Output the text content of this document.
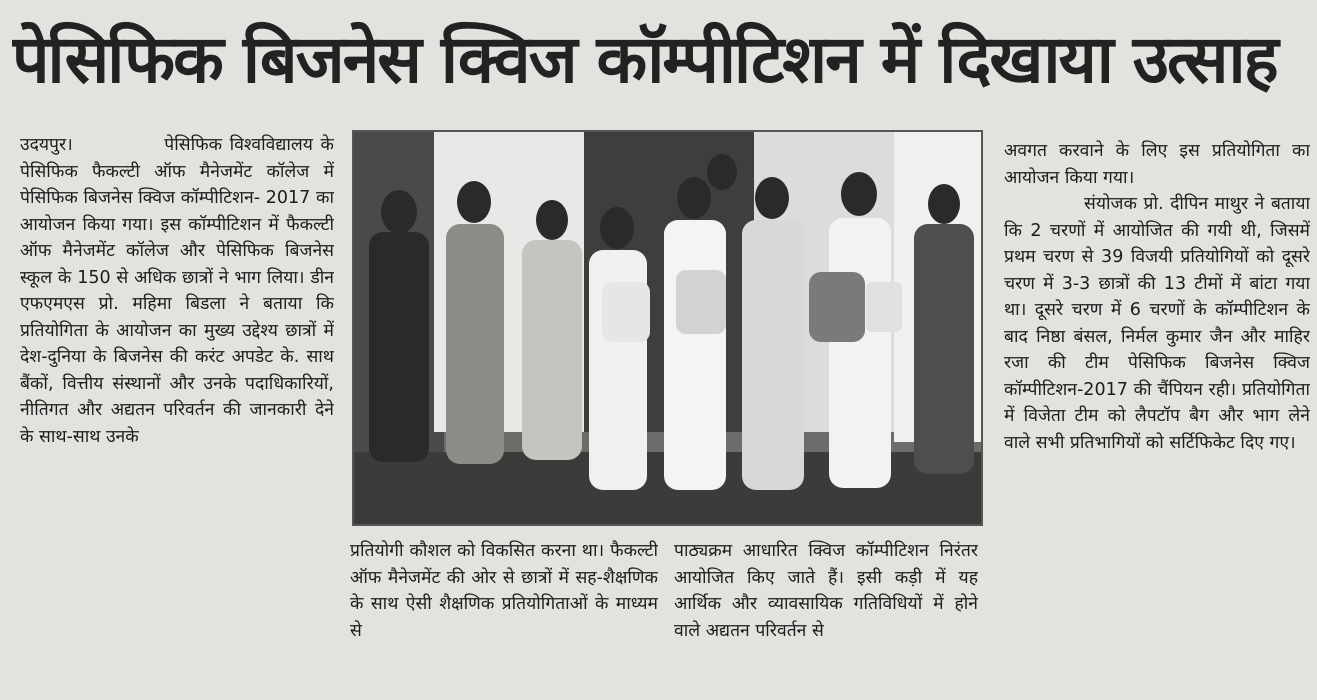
पेसिफिक बिजनेस क्विज कॉम्पीटिशन में दिखाया उत्साह

उदयपुर।	पेसिफिक विश्वविद्यालय के पेसिफिक फैकल्टी ऑफ मैनेजमेंट कॉलेज में पेसिफिक बिजनेस क्विज कॉम्पीटिशन- 2017 का आयोजन किया गया। इस कॉम्पीटिशन में फैकल्टी ऑफ मैनेजमेंट कॉलेज और पेसिफिक बिजनेस स्कूल के 150 से अधिक छात्रों ने भाग लिया। डीन एफएमएस प्रो. महिमा बिडला ने बताया कि प्रतियोगिता के आयोजन का मुख्य उद्देश्य छात्रों में देश-दुनिया के बिजनेस की करंट अपडेट के. साथ बैंकों, वित्तीय संस्थानों और उनके पदाधिकारियों, नीतिगत और अद्यतन परिवर्तन की जानकारी देने के साथ-साथ उनके

प्रतियोगी कौशल को विकसित करना था। फैकल्टी ऑफ मैनेजमेंट की ओर से छात्रों में सह-शैक्षणिक के साथ ऐसी शैक्षणिक प्रतियोगिताओं के माध्यम से

पाठ्यक्रम आधारित क्विज कॉम्पीटिशन निरंतर आयोजित किए जाते हैं। इसी कड़ी में यह आर्थिक और व्यावसायिक गतिविधियों में होने वाले अद्यतन परिवर्तन से

अवगत करवाने के लिए इस प्रतियोगिता का आयोजन किया गया।

संयोजक प्रो. दीपिन माथुर ने बताया कि 2 चरणों में आयोजित की गयी थी, जिसमें प्रथम चरण से 39 विजयी प्रतियोगियों को दूसरे चरण में 3-3 छात्रों की 13 टीमों में बांटा गया था। दूसरे चरण में 6 चरणों के कॉम्पीटिशन के बाद निष्ठा बंसल, निर्मल कुमार जैन और माहिर रजा की टीम पेसिफिक बिजनेस क्विज कॉम्पीटिशन-2017 की चैंपियन रही। प्रतियोगिता में विजेता टीम को लैपटॉप बैग और भाग लेने वाले सभी प्रतिभागियों को सर्टिफिकेट दिए गए।
